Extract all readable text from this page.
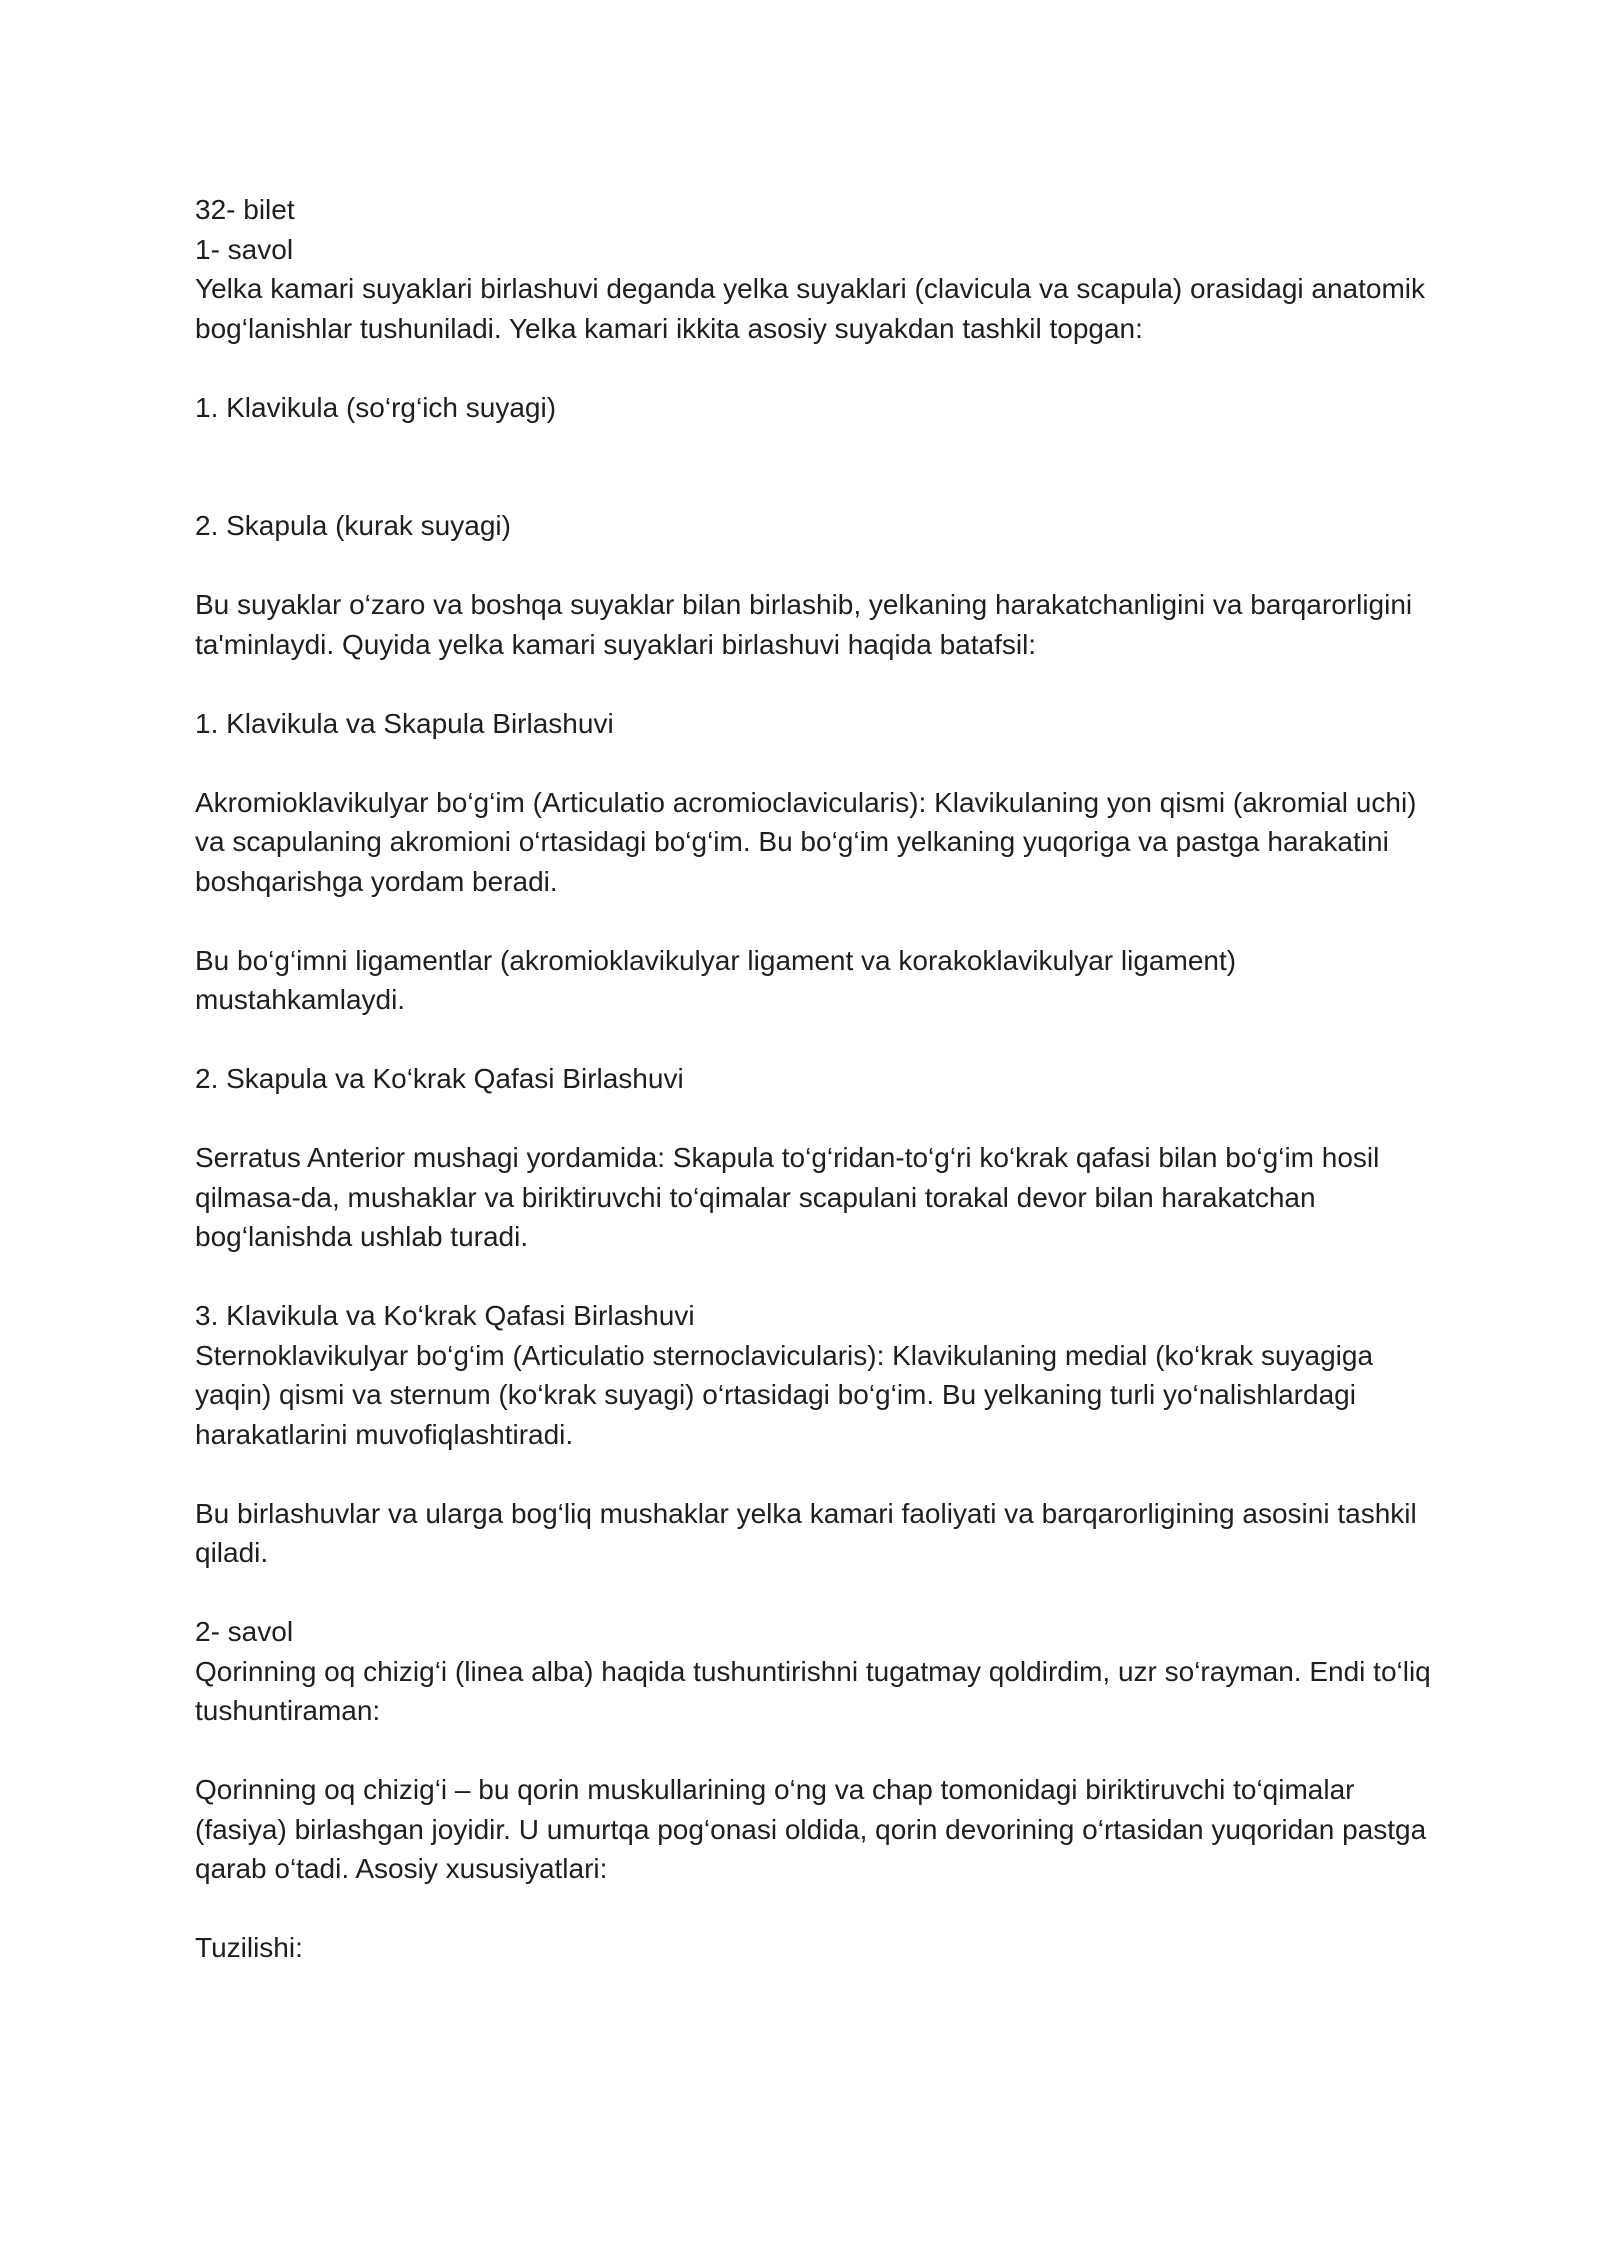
32- bilet

1- savol

Yelka kamari suyaklari birlashuvi deganda yelka suyaklari (clavicula va scapula) orasidagi anatomik bog‘lanishlar tushuniladi. Yelka kamari ikkita asosiy suyakdan tashkil topgan:

1. Klavikula (so‘rg‘ich suyagi)

2. Skapula (kurak suyagi)

Bu suyaklar o‘zaro va boshqa suyaklar bilan birlashib, yelkaning harakatchanligini va barqarorligini ta'minlaydi. Quyida yelka kamari suyaklari birlashuvi haqida batafsil:

1. Klavikula va Skapula Birlashuvi

Akromioklavikulyar bo‘g‘im (Articulatio acromioclavicularis): Klavikulaning yon qismi (akromial uchi) va scapulaning akromioni o‘rtasidagi bo‘g‘im. Bu bo‘g‘im yelkaning yuqoriga va pastga harakatini boshqarishga yordam beradi.

Bu bo‘g‘imni ligamentlar (akromioklavikulyar ligament va korakoklavikulyar ligament) mustahkamlaydi.

2. Skapula va Ko‘krak Qafasi Birlashuvi

Serratus Anterior mushagi yordamida: Skapula to‘g‘ridan-to‘g‘ri ko‘krak qafasi bilan bo‘g‘im hosil qilmasa-da, mushaklar va biriktiruvchi to‘qimalar scapulani torakal devor bilan harakatchan bog‘lanishda ushlab turadi.

3. Klavikula va Ko‘krak Qafasi Birlashuvi

Sternoklavikulyar bo‘g‘im (Articulatio sternoclavicularis): Klavikulaning medial (ko‘krak suyagiga yaqin) qismi va sternum (ko‘krak suyagi) o‘rtasidagi bo‘g‘im. Bu yelkaning turli yo‘nalishlardagi harakatlarini muvofiqlashtiradi.

Bu birlashuvlar va ularga bog‘liq mushaklar yelka kamari faoliyati va barqarorligining asosini tashkil qiladi.

2- savol

Qorinning oq chizig‘i (linea alba) haqida tushuntirishni tugatmay qoldirdim, uzr so‘rayman. Endi to‘liq tushuntiraman:

Qorinning oq chizig‘i – bu qorin muskullarining o‘ng va chap tomonidagi biriktiruvchi to‘qimalar (fasiya) birlashgan joyidir. U umurtqa pog‘onasi oldida, qorin devorining o‘rtasidan yuqoridan pastga qarab o‘tadi. Asosiy xususiyatlari:

Tuzilishi:
